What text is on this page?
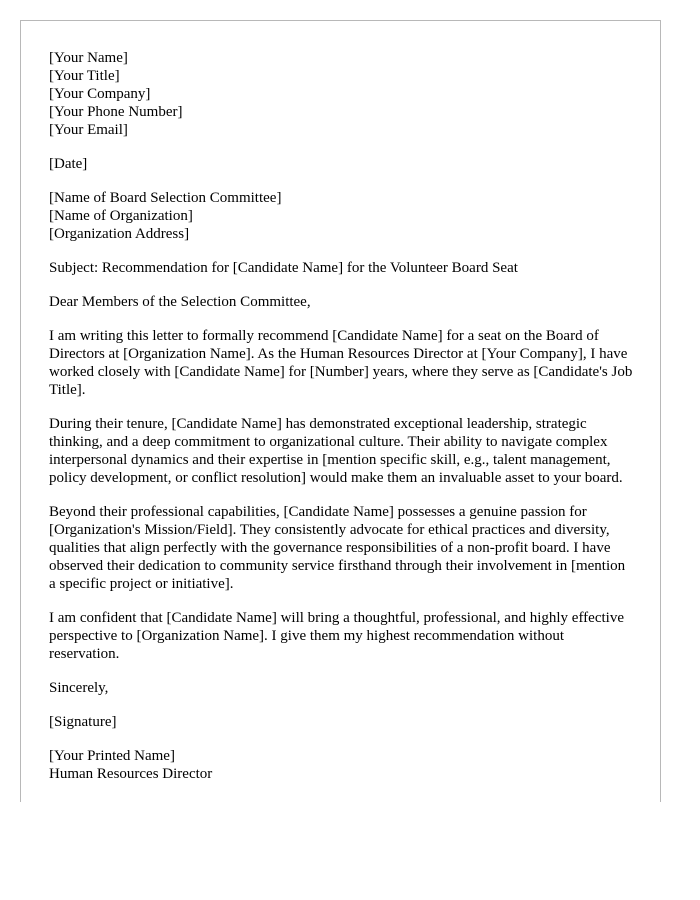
[Your Name]
[Your Title]
[Your Company]
[Your Phone Number]
[Your Email]
[Date]
[Name of Board Selection Committee]
[Name of Organization]
[Organization Address]

Subject: Recommendation for [Candidate Name] for the Volunteer Board Seat

Dear Members of the Selection Committee,

I am writing this letter to formally recommend [Candidate Name] for a seat on the Board of Directors at [Organization Name]. As the Human Resources Director at [Your Company], I have worked closely with [Candidate Name] for [Number] years, where they serve as [Candidate's Job Title].

During their tenure, [Candidate Name] has demonstrated exceptional leadership, strategic thinking, and a deep commitment to organizational culture. Their ability to navigate complex interpersonal dynamics and their expertise in [mention specific skill, e.g., talent management, policy development, or conflict resolution] would make them an invaluable asset to your board.

Beyond their professional capabilities, [Candidate Name] possesses a genuine passion for [Organization's Mission/Field]. They consistently advocate for ethical practices and diversity, qualities that align perfectly with the governance responsibilities of a non-profit board. I have observed their dedication to community service firsthand through their involvement in [mention a specific project or initiative].

I am confident that [Candidate Name] will bring a thoughtful, professional, and highly effective perspective to [Organization Name]. I give them my highest recommendation without reservation.

Sincerely,

[Signature]

[Your Printed Name]
Human Resources Director
